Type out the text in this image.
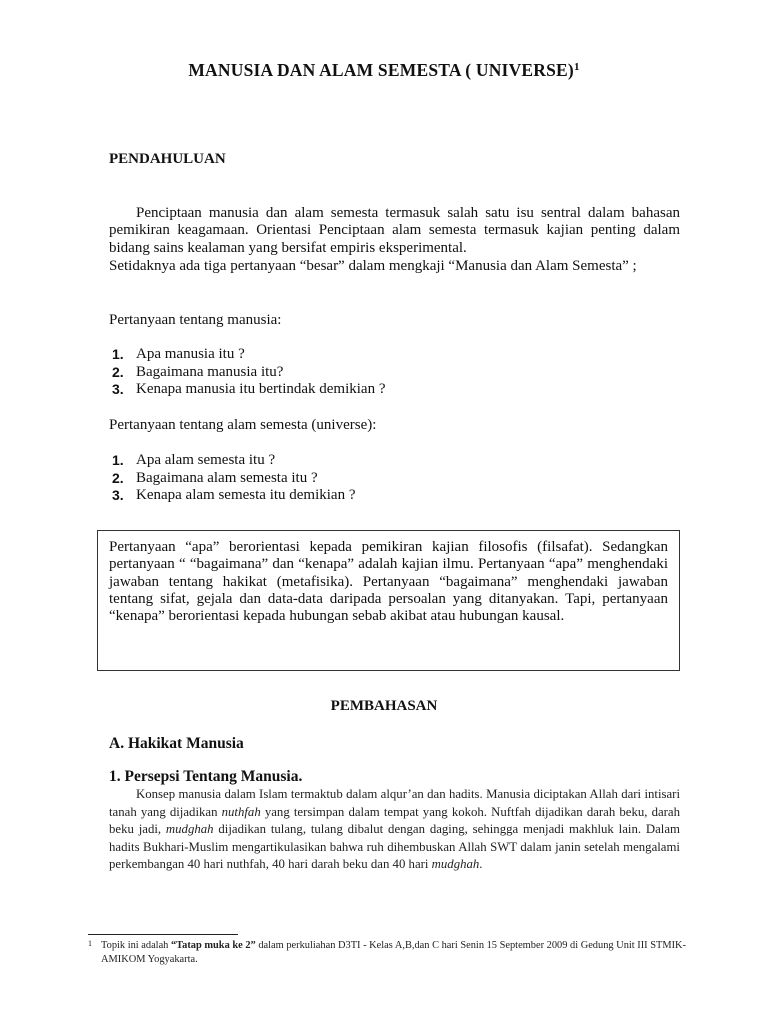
MANUSIA DAN ALAM SEMESTA ( UNIVERSE)$^1$
PENDAHULUAN
Penciptaan manusia dan alam semesta termasuk salah satu isu sentral dalam bahasan pemikiran keagamaan. Orientasi Penciptaan alam semesta termasuk kajian penting dalam bidang sains kealaman yang bersifat empiris eksperimental.
Setidaknya ada tiga pertanyaan “besar” dalam mengkaji “Manusia dan Alam Semesta” ;
Pertanyaan tentang manusia:
1. Apa manusia itu ?
2. Bagaimana manusia itu?
3. Kenapa manusia itu bertindak demikian ?
Pertanyaan tentang alam semesta (universe):
1. Apa alam semesta itu ?
2. Bagaimana alam semesta itu ?
3. Kenapa alam semesta itu demikian ?

Pertanyaan “apa” berorientasi kepada pemikiran kajian filosofis (filsafat). Sedangkan pertanyaan “ “bagaimana” dan “kenapa” adalah kajian ilmu. Pertanyaan “apa” menghendaki jawaban tentang hakikat (metafisika). Pertanyaan “bagaimana” menghendaki jawaban tentang sifat, gejala dan data-data daripada persoalan yang ditanyakan. Tapi, pertanyaan “kenapa” berorientasi kepada hubungan sebab akibat atau hubungan kausal.

PEMBAHASAN
A. Hakikat Manusia
1. Persepsi Tentang Manusia.
Konsep manusia dalam Islam termaktub dalam alqur’an dan hadits. Manusia diciptakan Allah dari intisari tanah yang dijadikan nuthfah yang tersimpan dalam tempat yang kokoh. Nuftfah dijadikan darah beku, darah beku jadi, mudghah dijadikan tulang, tulang dibalut dengan daging, sehingga menjadi makhluk lain. Dalam hadits Bukhari-Muslim mengartikulasikan bahwa ruh dihembuskan Allah SWT dalam janin setelah mengalami perkembangan 40 hari nuthfah, 40 hari darah beku dan 40 hari mudghah.
1 Topik ini adalah “Tatap muka ke 2” dalam perkuliahan D3TI - Kelas A,B,dan C hari Senin 15 September 2009 di Gedung Unit III STMIK-AMIKOM Yogyakarta.
